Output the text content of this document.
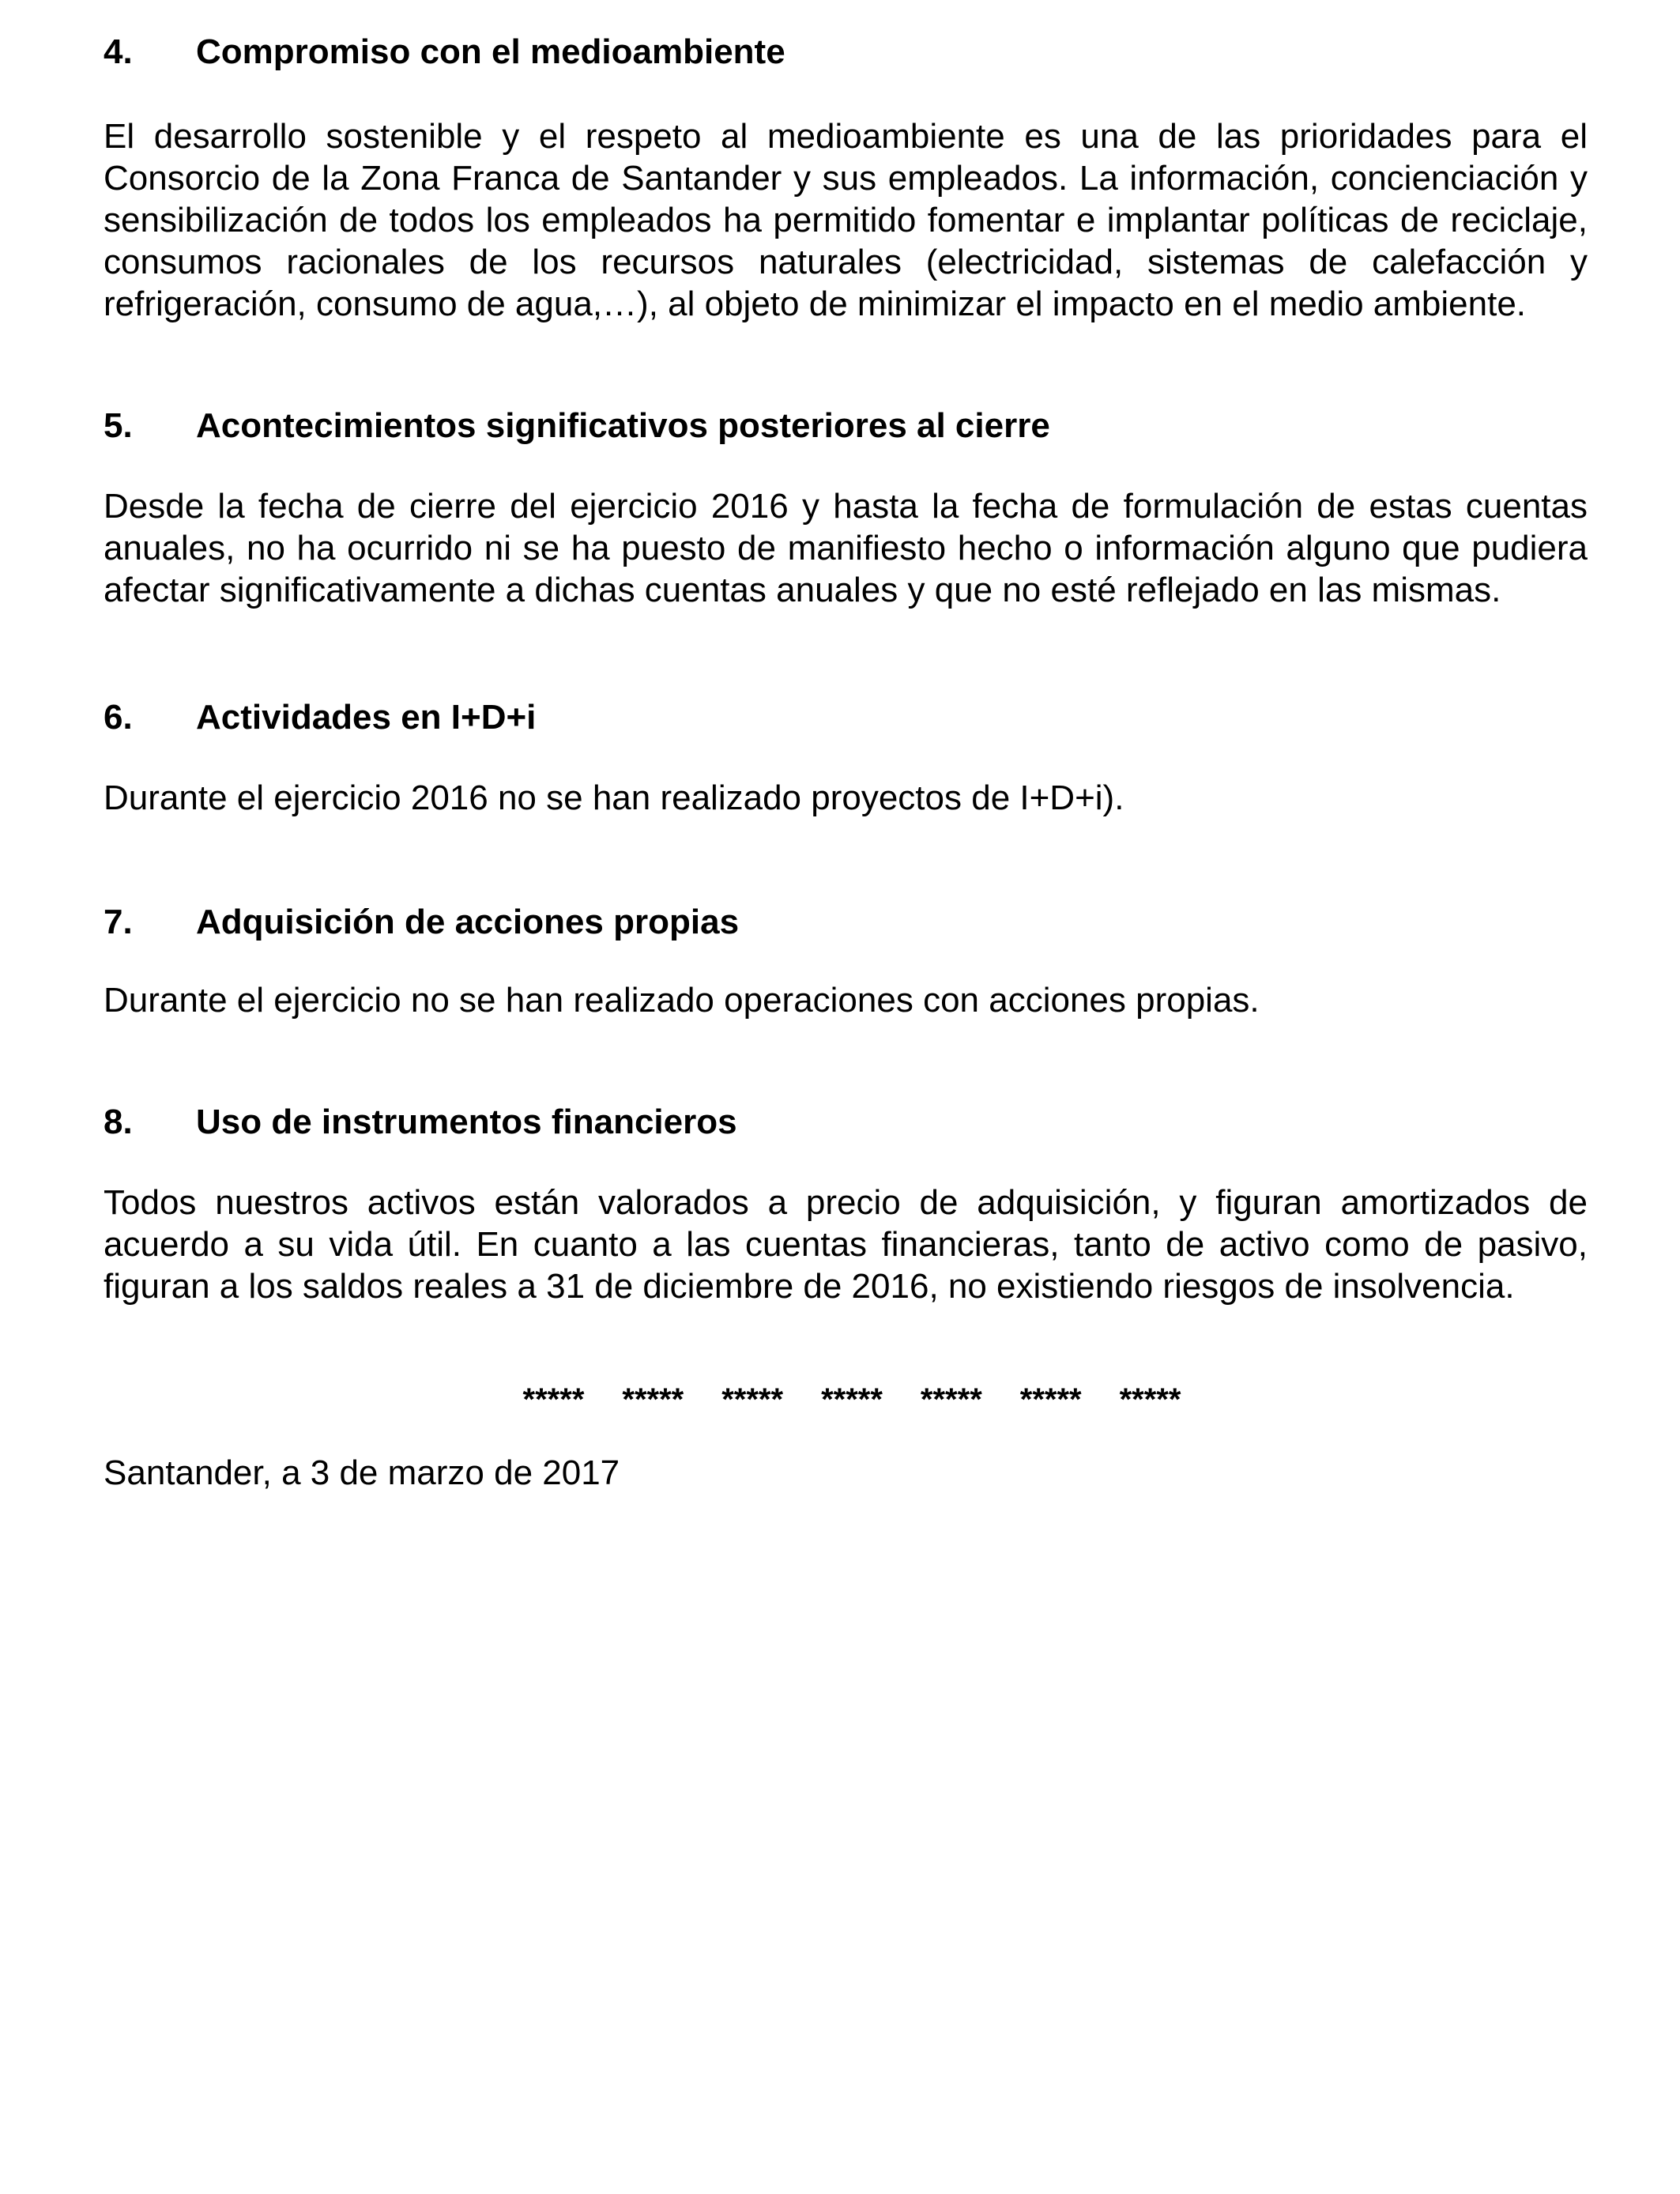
4.	Compromiso con el medioambiente

El desarrollo sostenible y el respeto al medioambiente es una de las prioridades para el Consorcio de la Zona Franca de Santander y sus empleados. La información, concienciación y sensibilización de todos los empleados ha permitido fomentar e implantar políticas de reciclaje, consumos racionales de los recursos naturales (electricidad, sistemas de calefacción y refrigeración, consumo de agua,…), al objeto de minimizar el impacto en el medio ambiente.

5.	Acontecimientos significativos posteriores al cierre

Desde la fecha de cierre del ejercicio 2016 y hasta la fecha de formulación de estas cuentas anuales, no ha ocurrido ni se ha puesto de manifiesto hecho o información alguno que pudiera afectar significativamente a dichas cuentas anuales y que no esté reflejado en las mismas.

6.	Actividades en I+D+i

Durante el ejercicio 2016 no se han realizado proyectos de I+D+i).

7.	Adquisición de acciones propias

Durante el ejercicio no se han realizado operaciones con acciones propias.

8.	Uso de instrumentos financieros

Todos nuestros activos están valorados a precio de adquisición, y figuran amortizados de acuerdo a su vida útil. En cuanto a las cuentas financieras, tanto de activo como de pasivo, figuran a los saldos reales a 31 de diciembre de 2016, no existiendo riesgos de insolvencia.

***** ***** ***** ***** ***** ***** *****

Santander, a 3 de marzo de 2017
